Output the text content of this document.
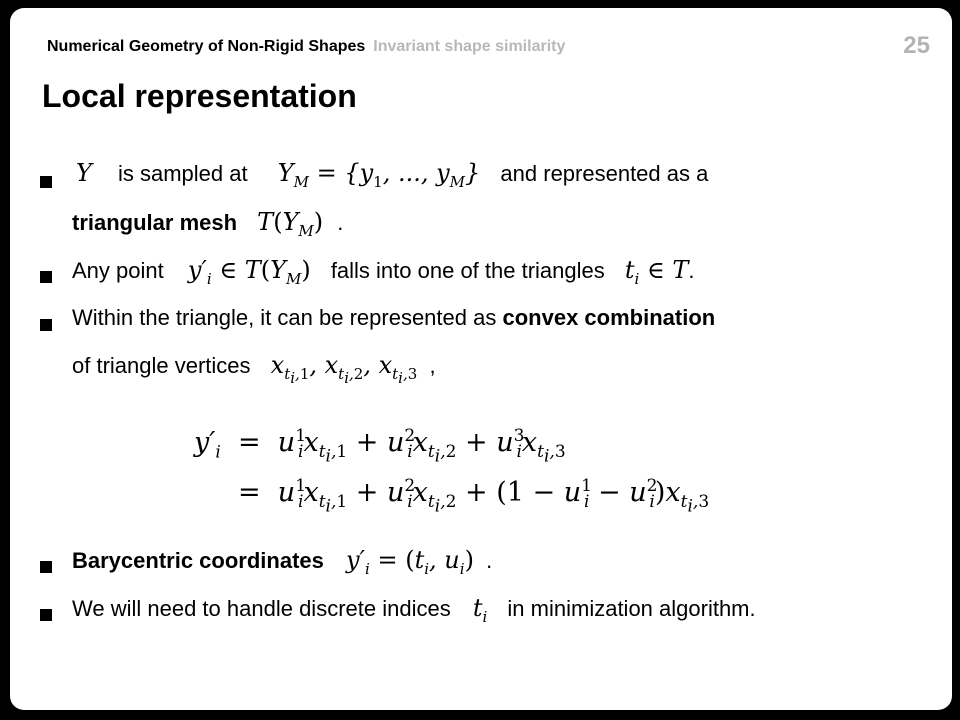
Numerical Geometry of Non-Rigid Shapes Invariant shape similarity	25
Local representation
Y is sampled at $Y_M = \{y_1$, ..., $y_M$} and represented as a
triangular mesh $T(Y_M)$ .
Any point $y'_i$ ∈ $T(Y_M)$ falls into one of the triangles $t_i$ ∈ T.
Within the triangle, it can be represented as convex combination
of triangle vertices $x_{t_i,1}$, $x_{t_i,2}$, $x_{t_i,3}$ ,
$y'_i = u^1_ix_{t_i,1} + u^2_ix_{t_i,2} + u^3_ix_{t_i,3}$
=  $u^1_ix_{t_i,1} + u^2_ix_{t_i,2} + (1 - u^1_i - u^2_i)x_{t_i,3}$
Barycentric coordinates $y'_i = (t_i$, $u_i$) .
We will need to handle discrete indices $t_i$ in minimization algorithm.
